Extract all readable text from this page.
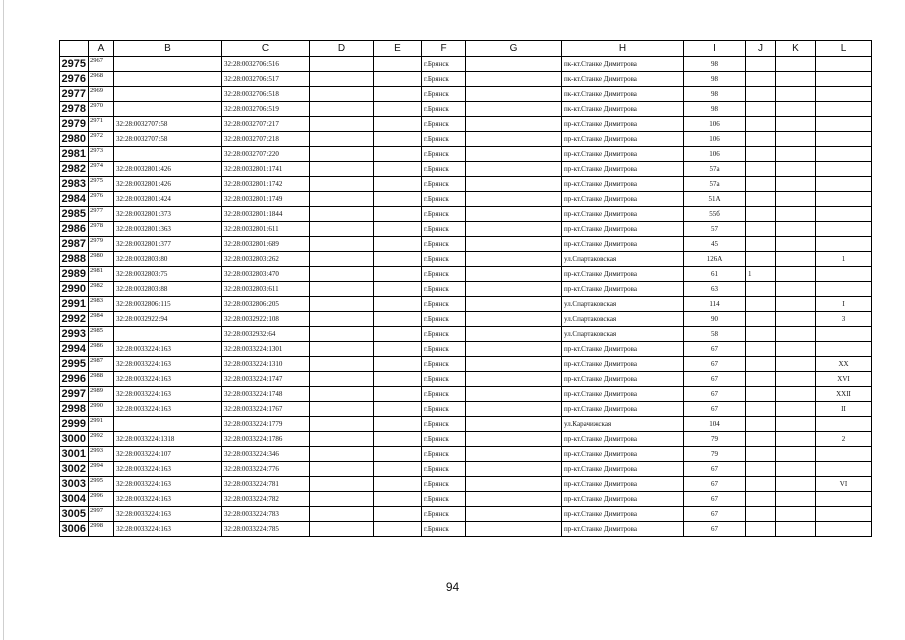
	A	B	C	D	E	F	G	H	I	J	K	L
2975	2967		32:28:0032706:516			г.Брянск		пк-кт.Станке Димитрова	98			
2976	2968		32:28:0032706:517			г.Брянск		пк-кт.Станке Димитрова	98			
2977	2969		32:28:0032706:518			г.Брянск		пк-кт.Станке Димитрова	98			
2978	2970		32:28:0032706:519			г.Брянск		пк-кт.Станке Димитрова	98			
2979	2971	32:28:0032707:58	32:28:0032707:217			г.Брянск		пр-кт.Станке Димитрова	106			
2980	2972	32:28:0032707:58	32:28:0032707:218			г.Брянск		пр-кт.Станке Димитрова	106			
2981	2973		32:28:0032707:220			г.Брянск		пр-кт.Станке Димитрова	106			
2982	2974	32:28:0032801:426	32:28:0032801:1741			г.Брянск		пр-кт.Станке Димитрова	57а			
2983	2975	32:28:0032801:426	32:28:0032801:1742			г.Брянск		пр-кт.Станке Димитрова	57а			
2984	2976	32:28:0032801:424	32:28:0032801:1749			г.Брянск		пр-кт.Станке Димитрова	51А			
2985	2977	32:28:0032801:373	32:28:0032801:1844			г.Брянск		пр-кт.Станке Димитрова	55б			
2986	2978	32:28:0032801:363	32:28:0032801:611			г.Брянск		пр-кт.Станке Димитрова	57			
2987	2979	32:28:0032801:377	32:28:0032801:689			г.Брянск		пр-кт.Станке Димитрова	45			
2988	2980	32:28:0032803:80	32:28:0032803:262			г.Брянск		ул.Спартаковская	126А			1
2989	2981	32:28:0032803:75	32:28:0032803:470			г.Брянск		пр-кт.Станке Димитрова	61	1		
2990	2982	32:28:0032803:88	32:28:0032803:611			г.Брянск		пр-кт.Станке Димитрова	63			
2991	2983	32:28:0032806:115	32:28:0032806:205			г.Брянск		ул.Спартаковская	114			I
2992	2984	32:28:0032922:94	32:28:0032922:108			г.Брянск		ул.Спартаковская	90			3
2993	2985		32:28:0032932:64			г.Брянск		ул.Спартаковская	58			
2994	2986	32:28:0033224:163	32:28:0033224:1301			г.Брянск		пр-кт.Станке Димитрова	67			
2995	2987	32:28:0033224:163	32:28:0033224:1310			г.Брянск		пр-кт.Станке Димитрова	67			XX
2996	2988	32:28:0033224:163	32:28:0033224:1747			г.Брянск		пр-кт.Станке Димитрова	67			XVI
2997	2989	32:28:0033224:163	32:28:0033224:1748			г.Брянск		пр-кт.Станке Димитрова	67			XXII
2998	2990	32:28:0033224:163	32:28:0033224:1767			г.Брянск		пр-кт.Станке Димитрова	67			II
2999	2991		32:28:0033224:1779			г.Брянск		ул.Карачижская	104			
3000	2992	32:28:0033224:1318	32:28:0033224:1786			г.Брянск		пр-кт.Станке Димитрова	79			2
3001	2993	32:28:0033224:107	32:28:0033224:346			г.Брянск		пр-кт.Станке Димитрова	79			
3002	2994	32:28:0033224:163	32:28:0033224:776			г.Брянск		пр-кт.Станке Димитрова	67			
3003	2995	32:28:0033224:163	32:28:0033224:781			г.Брянск		пр-кт.Станке Димитрова	67			VI
3004	2996	32:28:0033224:163	32:28:0033224:782			г.Брянск		пр-кт.Станке Димитрова	67			
3005	2997	32:28:0033224:163	32:28:0033224:783			г.Брянск		пр-кт.Станке Димитрова	67			
3006	2998	32:28:0033224:163	32:28:0033224:785			г.Брянск		пр-кт.Станке Димитрова	67			
94
